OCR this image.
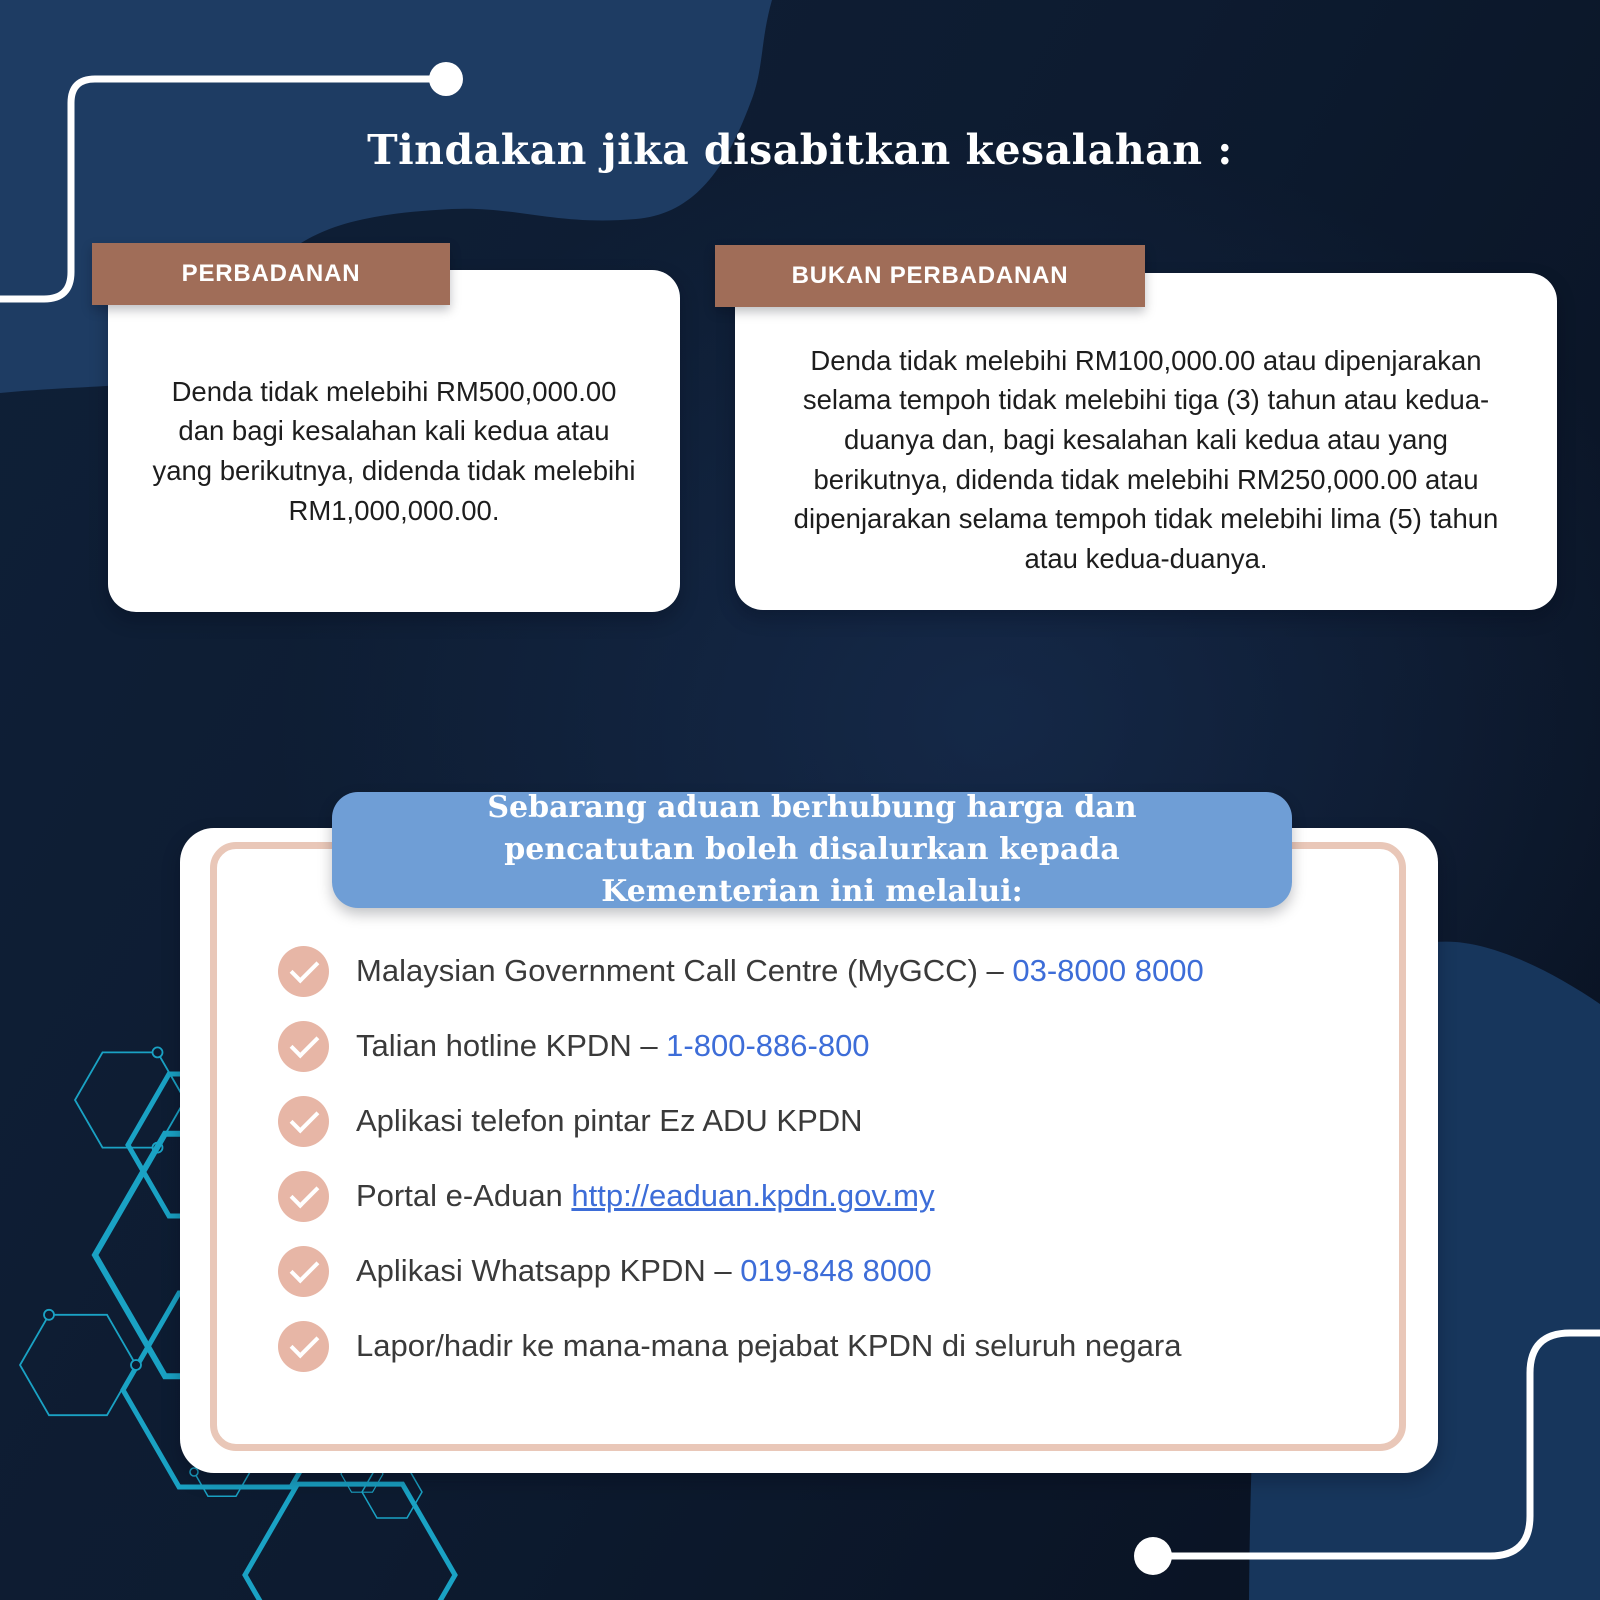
Tindakan jika disabitkan kesalahan :
PERBADANAN

Denda tidak melebihi RM500,000.00 dan bagi kesalahan kali kedua atau yang berikutnya, didenda tidak melebihi RM1,000,000.00.

BUKAN PERBADANAN

Denda tidak melebihi RM100,000.00 atau dipenjarakan selama tempoh tidak melebihi tiga (3) tahun atau kedua-duanya dan, bagi kesalahan kali kedua atau yang berikutnya, didenda tidak melebihi RM250,000.00 atau dipenjarakan selama tempoh tidak melebihi lima (5) tahun atau kedua-duanya.

Sebarang aduan berhubung harga dan pencatutan boleh disalurkan kepada Kementerian ini melalui:
Malaysian Government Call Centre (MyGCC) – 03-8000 8000
Talian hotline KPDN – 1-800-886-800
Aplikasi telefon pintar Ez ADU KPDN
Portal e-Aduan http://eaduan.kpdn.gov.my
Aplikasi Whatsapp KPDN – 019-848 8000
Lapor/hadir ke mana-mana pejabat KPDN di seluruh negara
